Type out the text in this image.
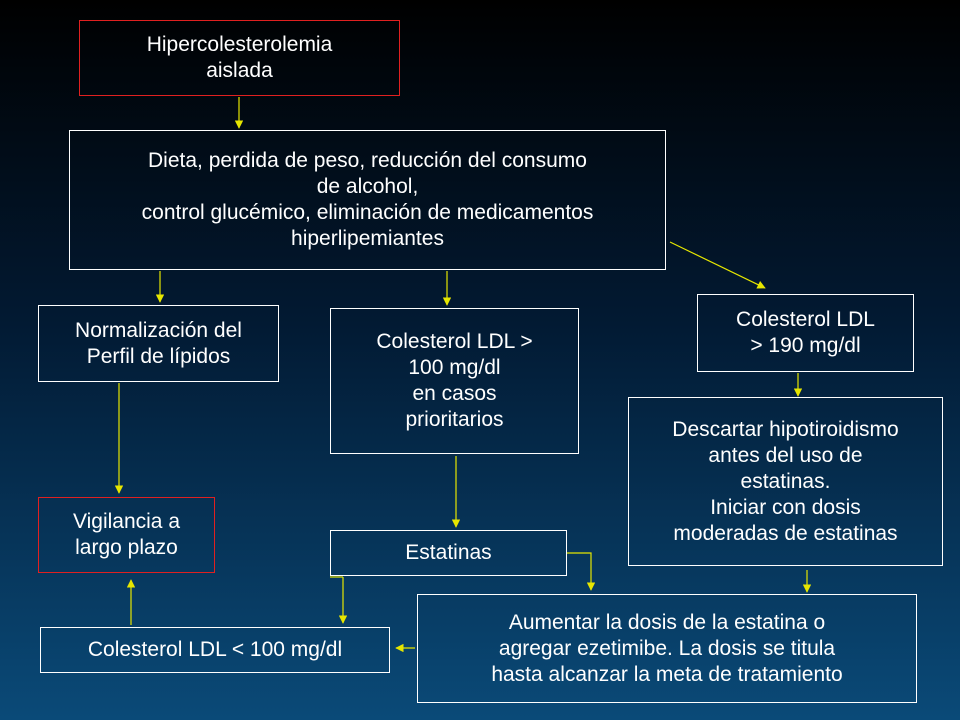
Hipercolesterolemia
aislada
Dieta, perdida de peso, reducción del consumo
de alcohol,
control glucémico, eliminación de medicamentos
hiperlipemiantes
Normalización del
Perfil de lípidos
Colesterol LDL >
100 mg/dl
en casos
prioritarios
Colesterol LDL
> 190 mg/dl
Descartar hipotiroidismo
antes del uso de
estatinas.
Iniciar con dosis
moderadas de estatinas
Vigilancia a
largo plazo	Estatinas
Colesterol LDL < 100 mg/dl
Aumentar la dosis de la estatina o
agregar ezetimibe. La dosis se titula
hasta alcanzar la meta de tratamiento
